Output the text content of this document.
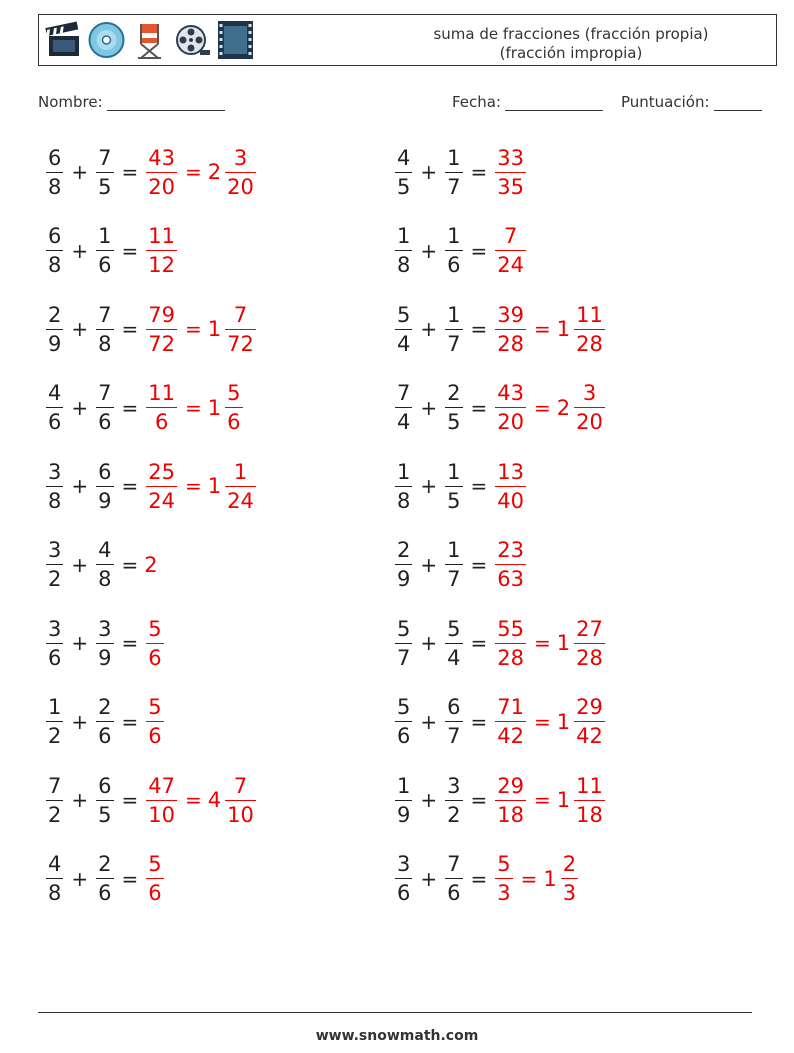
suma de fracciones (fracción propia)
(fracción impropia)
Nombre:	Fecha:	Puntuación:
$\frac{6}{8} + \frac{7}{5} = \frac{43}{20} = 2 \frac{3}{20}$	$\frac{4}{5} + \frac{1}{7} = \frac{33}{35}$
$\frac{6}{8} + \frac{1}{6} = \frac{11}{12}$	$\frac{1}{8} + \frac{1}{6} = \frac{7}{24}$
$\frac{2}{9} + \frac{7}{8} = \frac{79}{72} = 1 \frac{7}{72}$	$\frac{5}{4} + \frac{1}{7} = \frac{39}{28} = 1 \frac{11}{28}$
$\frac{4}{6} + \frac{7}{6} = \frac{11}{6} = 1 \frac{5}{6}$	$\frac{7}{4} + \frac{2}{5} = \frac{43}{20} = 2 \frac{3}{20}$
$\frac{3}{8} + \frac{6}{9} = \frac{25}{24} = 1 \frac{1}{24}$	$\frac{1}{8} + \frac{1}{5} = \frac{13}{40}$
$\frac{3}{2} + \frac{4}{8} = 2$	$\frac{2}{9} + \frac{1}{7} = \frac{23}{63}$
$\frac{3}{6} + \frac{3}{9} = \frac{5}{6}$	$\frac{5}{7} + \frac{5}{4} = \frac{55}{28} = 1 \frac{27}{28}$
$\frac{1}{2} + \frac{2}{6} = \frac{5}{6}$	$\frac{5}{6} + \frac{6}{7} = \frac{71}{42} = 1 \frac{29}{42}$
$\frac{7}{2} + \frac{6}{5} = \frac{47}{10} = 4 \frac{7}{10}$	$\frac{1}{9} + \frac{3}{2} = \frac{29}{18} = 1 \frac{11}{18}$
$\frac{4}{8} + \frac{2}{6} = \frac{5}{6}$	$\frac{3}{6} + \frac{7}{6} = \frac{5}{3} = 1 \frac{2}{3}$
www.snowmath.com
